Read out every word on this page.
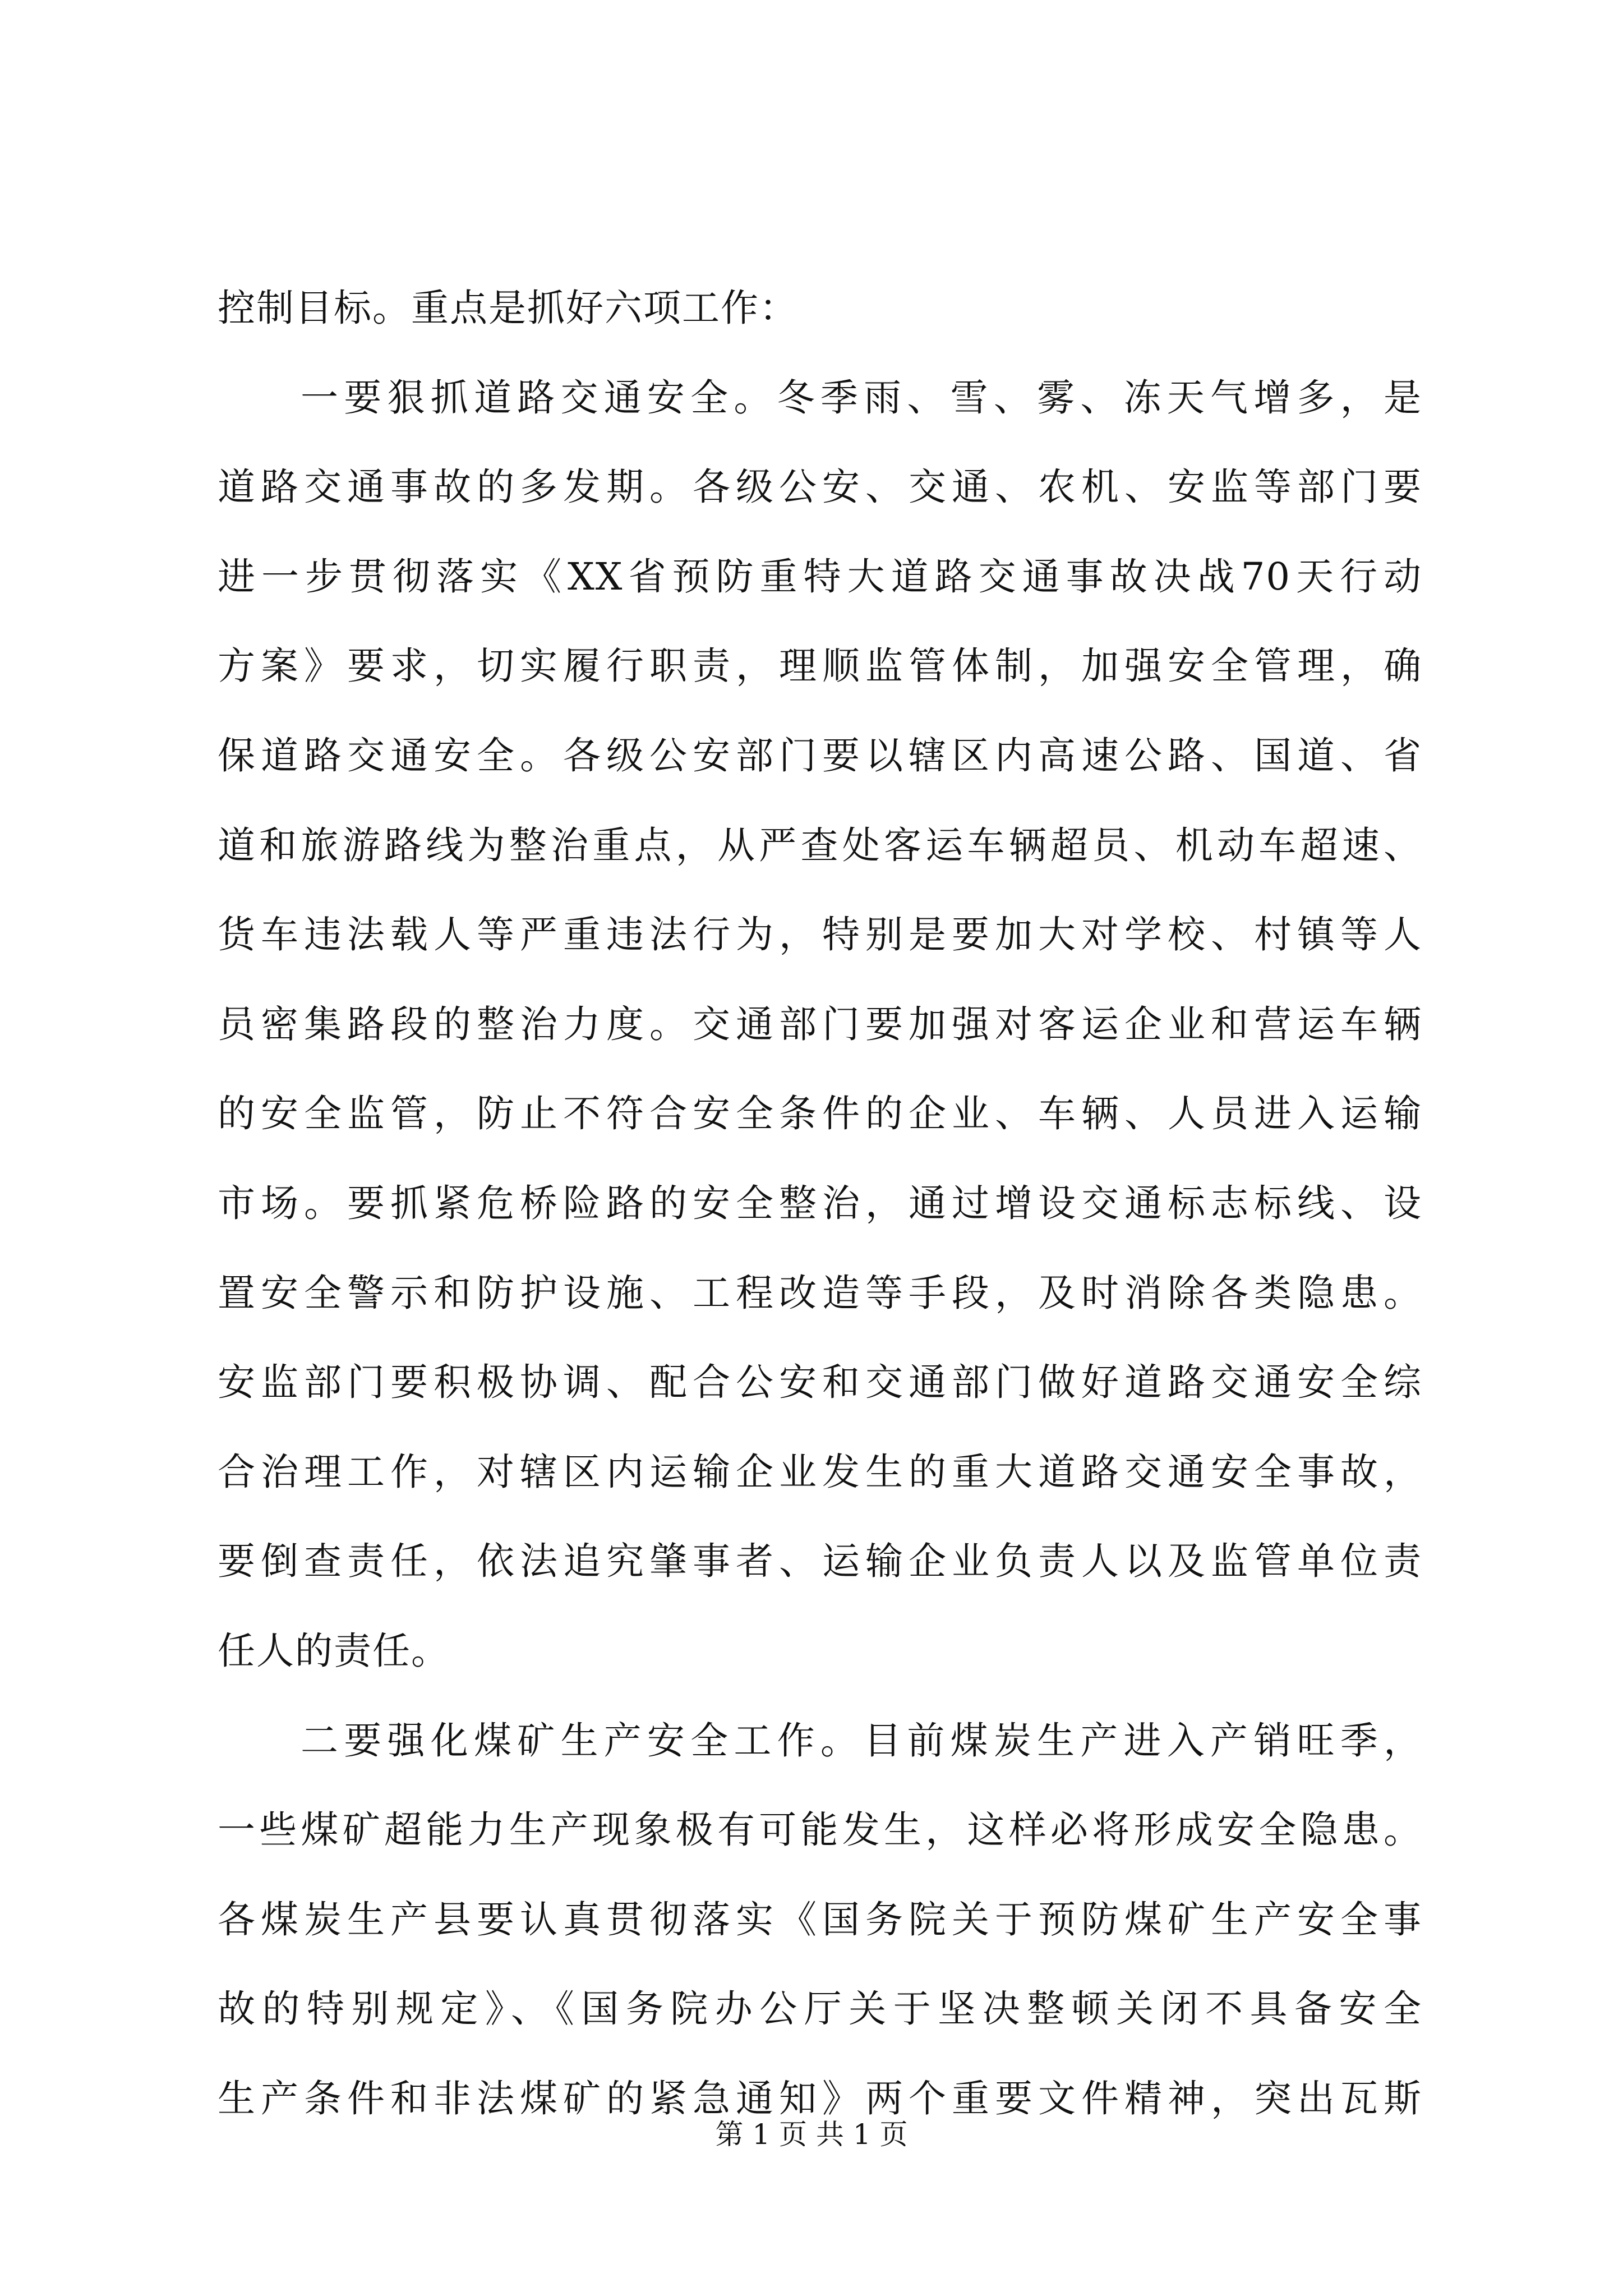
控制目标。重点是抓好六项工作：
一要狠抓道路交通安全。冬季雨、雪、雾、冻天气增多，是
道路交通事故的多发期。各级公安、交通、农机、安监等部门要
进一步贯彻落实《XX省预防重特大道路交通事故决战70天行动
方案》要求，切实履行职责，理顺监管体制，加强安全管理，确
保道路交通安全。各级公安部门要以辖区内高速公路、国道、省
道和旅游路线为整治重点，从严查处客运车辆超员、机动车超速、
货车违法载人等严重违法行为，特别是要加大对学校、村镇等人
员密集路段的整治力度。交通部门要加强对客运企业和营运车辆
的安全监管，防止不符合安全条件的企业、车辆、人员进入运输
市场。要抓紧危桥险路的安全整治，通过增设交通标志标线、设
置安全警示和防护设施、工程改造等手段，及时消除各类隐患。
安监部门要积极协调、配合公安和交通部门做好道路交通安全综
合治理工作，对辖区内运输企业发生的重大道路交通安全事故，
要倒查责任，依法追究肇事者、运输企业负责人以及监管单位责
任人的责任。
二要强化煤矿生产安全工作。目前煤炭生产进入产销旺季，
一些煤矿超能力生产现象极有可能发生，这样必将形成安全隐患。
各煤炭生产县要认真贯彻落实《国务院关于预防煤矿生产安全事
故的特别规定》、《国务院办公厅关于坚决整顿关闭不具备安全
生产条件和非法煤矿的紧急通知》两个重要文件精神，突出瓦斯
第 1 页 共 1 页
